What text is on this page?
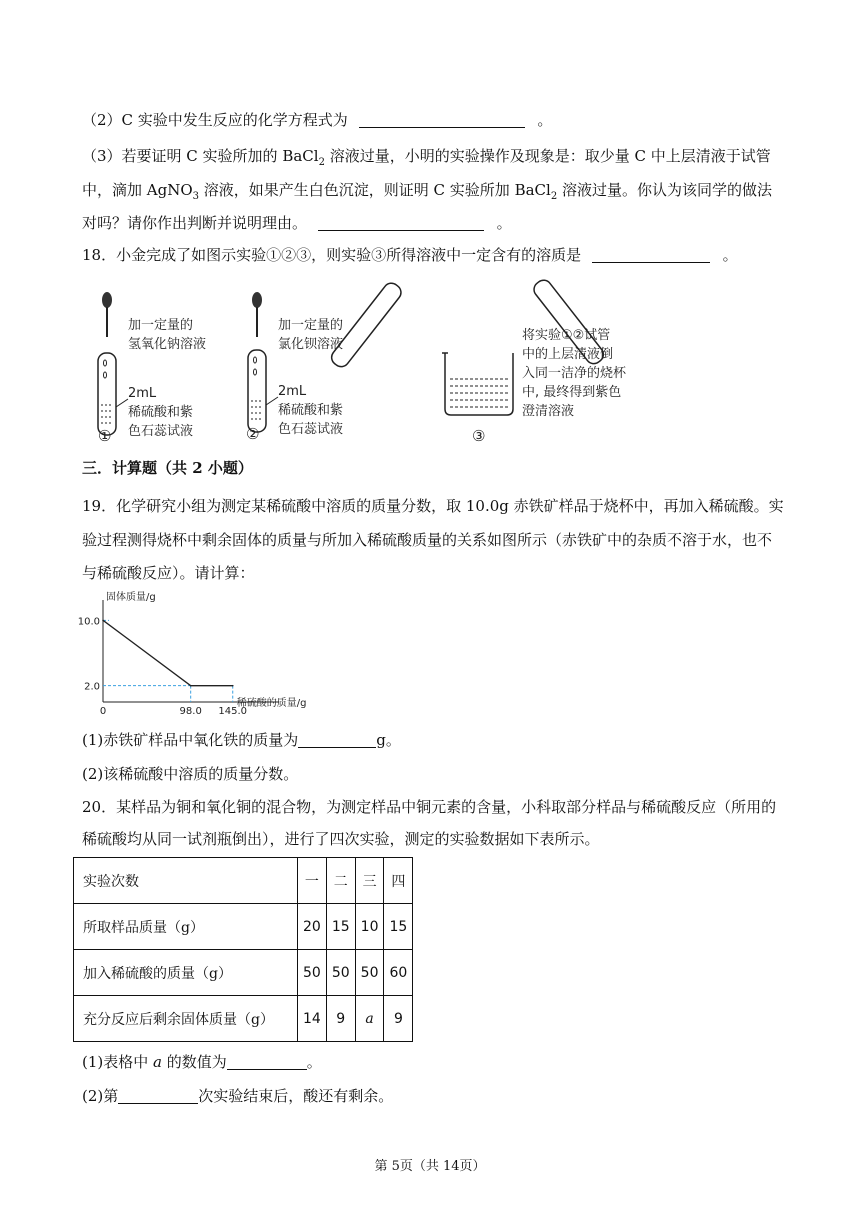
（2）C 实验中发生反应的化学方程式为	。
（3）若要证明 C 实验所加的 BaCl$_2$ 溶液过量，小明的实验操作及现象是：取少量 C 中上层清液于试管
中，滴加 AgNO$_3$ 溶液，如果产生白色沉淀，则证明 C 实验所加 BaCl$_2$ 溶液过量。你认为该同学的做法
对吗？请你作出判断并说明理由。	。
18．小金完成了如图示实验①②③，则实验③所得溶液中一定含有的溶质是	。
加一定量的
氢氧化钠溶液
2mL
稀硫酸和紫
色石蕊试液
①
加一定量的
氯化钡溶液
2mL
稀硫酸和紫
色石蕊试液
②
将实验①②试管
中的上层清液倒
入同一洁净的烧杯
中, 最终得到紫色
澄清溶液
③
三．计算题（共 2 小题）
19．化学研究小组为测定某稀硫酸中溶质的质量分数，取 10.0g 赤铁矿样品于烧杯中，再加入稀硫酸。实
验过程测得烧杯中剩余固体的质量与所加入稀硫酸质量的关系如图所示（赤铁矿中的杂质不溶于水，也不
与稀硫酸反应）。请计算：
固体质量/g
稀硫酸的质量/g
10.0
2.0
0	98.0 145.0
(1)赤铁矿样品中氧化铁的质量为	g。
(2)该稀硫酸中溶质的质量分数。
20．某样品为铜和氧化铜的混合物，为测定样品中铜元素的含量，小科取部分样品与稀硫酸反应（所用的
稀硫酸均从同一试剂瓶倒出），进行了四次实验，测定的实验数据如下表所示。
实验次数	一	二	三	四
所取样品质量（g）	20	15	10	15
加入稀硫酸的质量（g）	50	50	50	60
充分反应后剩余固体质量（g）	14	9	a	9
(1)表格中 a 的数值为	。
(2)第	次实验结束后，酸还有剩余。
第 5页（共 14页）
